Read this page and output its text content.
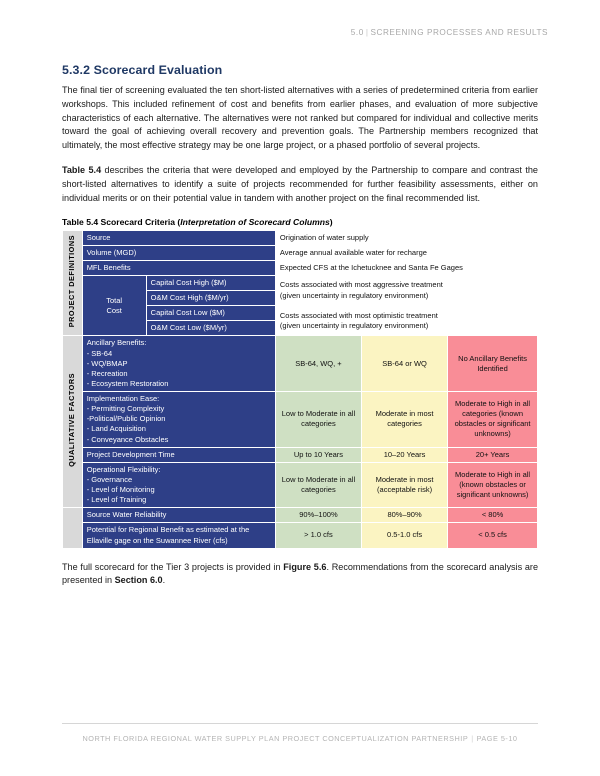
5.0 | SCREENING PROCESSES AND RESULTS
5.3.2 Scorecard Evaluation

The final tier of screening evaluated the ten short-listed alternatives with a series of predetermined criteria from earlier workshops. This included refinement of cost and benefits from earlier phases, and evaluation of more subjective characteristics of each alternative. The alternatives were not ranked but compared for individual and collective merits toward the goal of achieving overall recovery and prevention goals. The Partnership members recognized that ultimately, the most effective strategy may be one large project, or a phased portfolio of several projects.

Table 5.4 describes the criteria that were developed and employed by the Partnership to compare and contrast the short-listed alternatives to identify a suite of projects recommended for further feasibility assessments, either on individual merits or on their potential value in tandem with another project on the final recommended list.

Table 5.4 Scorecard Criteria (Interpretation of Scorecard Columns)
PROJECT DEFINITIONS	Source		Origination of water supply		
	Volume (MGD)		Average annual available water for recharge		
	MFL Benefits		Expected CFS at the Ichetucknee and Santa Fe Gages		

	Total
Cost	Capital Cost High ($M)	Costs associated with most aggressive treatment
(given uncertainty in regulatory environment)		

		O&M Cost High ($M/yr)			
		Capital Cost Low ($M)	Costs associated with most optimistic treatment
(given uncertainty in regulatory environment)		

		O&M Cost Low ($M/yr)			
QUALITATIVE FACTORS	Ancillary Benefits:
- SB-64
- WQ/BMAP
- Recreation
- Ecosystem Restoration		SB-64, WQ, +	SB-64 or WQ	No Ancillary Benefits Identified

	Implementation Ease:
- Permitting Complexity
-Political/Public Opinion
- Land Acquisition
- Conveyance Obstacles		Low to Moderate in all categories	Moderate in most categories	Moderate to High in all categories (known obstacles or significant unknowns)
	Project Development Time		Up to 10 Years	10–20 Years	20+ Years

	Operational Flexibility:
- Governance
- Level of Monitoring
- Level of Training		Low to Moderate in all categories	Moderate in most (acceptable risk)	Moderate to High in all (known obstacles or significant unknowns)
	Source Water Reliability		90%–100%	80%–90%	< 80%
	Potential for Regional Benefit as estimated at the Ellaville gage on the Suwannee River (cfs)		> 1.0 cfs	0.5-1.0 cfs	< 0.5 cfs

The full scorecard for the Tier 3 projects is provided in Figure 5.6. Recommendations from the scorecard analysis are presented in Section 6.0.

NORTH FLORIDA REGIONAL WATER SUPPLY PLAN PROJECT CONCEPTUALIZATION PARTNERSHIP | PAGE 5-10
